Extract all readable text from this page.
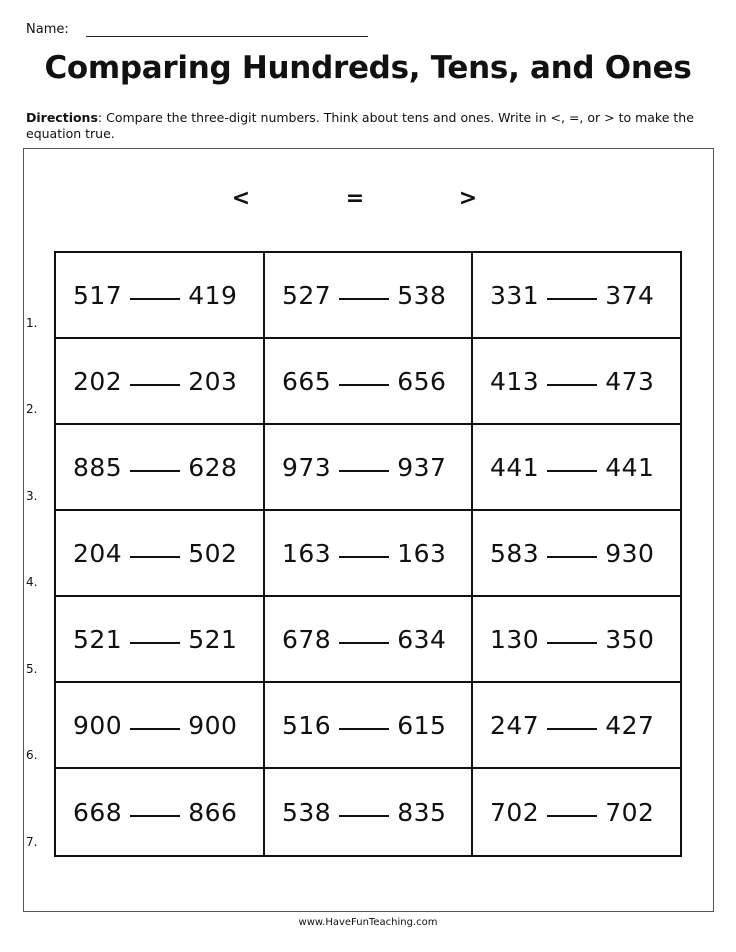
Name:
Comparing Hundreds, Tens, and Ones
Directions: Compare the three-digit numbers. Think about tens and ones. Write in <, =, or > to make the equation true.
<	=	>
517	419 527	538 331	374
202	203 665	656 413	473
885	628 973	937 441	441
204	502 163	163 583	930
521	521 678	634 130	350
900	900 516	615 247	427
668	866 538	835 702	702
1.
2.
3.
4.
5.
6.
7.
www.HaveFunTeaching.com
